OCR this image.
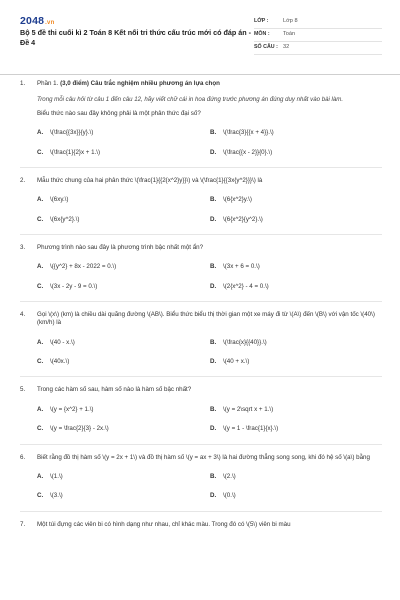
2048.vn
Bộ 5 đề thi cuối kì 2 Toán 8 Kết nối tri thức cấu trúc mới có đáp án - Đề 4
LỚP :	Lớp 8
MÔN :	Toán
SỐ CÂU : 32
1. Phần 1. (3,0 điểm) Câu trắc nghiệm nhiều phương án lựa chọn
Trong mỗi câu hỏi từ câu 1 đến câu 12, hãy viết chữ cái in hoa đứng trước phương án đúng duy nhất vào bài làm.
Biểu thức nào sau đây không phải là một phân thức đại số?
A.	\(\frac{{3x}}{y}.\)	B.	\(\frac{3}{{x + 4}}.\)
C.	\(\frac{1}{2}x + 1.\)	D.	\(\frac{{x - 2}}{0}.\)
2. Mẫu thức chung của hai phân thức \(\frac{1}{{2{x^2}y}}\) và \(\frac{1}{{3x{y^2}}}\) là
A.	\(6xy.\)	B.	\(6{x^2}y.\)
C.	\(6x{y^2}.\)	D.	\(6{x^2}{y^2}.\)
3. Phương trình nào sau đây là phương trình bậc nhất một ẩn?
A.	\({y^2} + 8x - 2022 = 0.\)	B.	\(3x + 6 = 0.\)
C.	\(3x - 2y - 9 = 0.\)	D.	\(2{x^2} - 4 = 0.\)
4. Gọi \(x\) (km) là chiều dài quãng đường \(AB\). Biểu thức biểu thị thời gian một xe máy đi từ \(A\) đến \(B\) với vận tốc \(40\) (km/h) là
A.	\(40 - x.\)	B.	\(\frac{x}{{40}}.\)
C.	\(40x.\)	D.	\(40 + x.\)
5. Trong các hàm số sau, hàm số nào là hàm số bậc nhất?
A.	\(y = {x^2} + 1.\)	B.	\(y = 2\sqrt x + 1.\)
C.	\(y = \frac{2}{3} - 2x.\)	D.	\(y = 1 - \frac{1}{x}.\)
6. Biết rằng đồ thị hàm số \(y = 2x + 1\) và đồ thị hàm số \(y = ax + 3\) là hai đường thẳng song song, khi đó hệ số \(a\) bằng
A.	\(1.\)	B.	\(2.\)
C.	\(3.\)	D.	\(0.\)
7. Một túi đựng các viên bi có hình dạng như nhau, chỉ khác màu. Trong đó có \(5\) viên bi màu
